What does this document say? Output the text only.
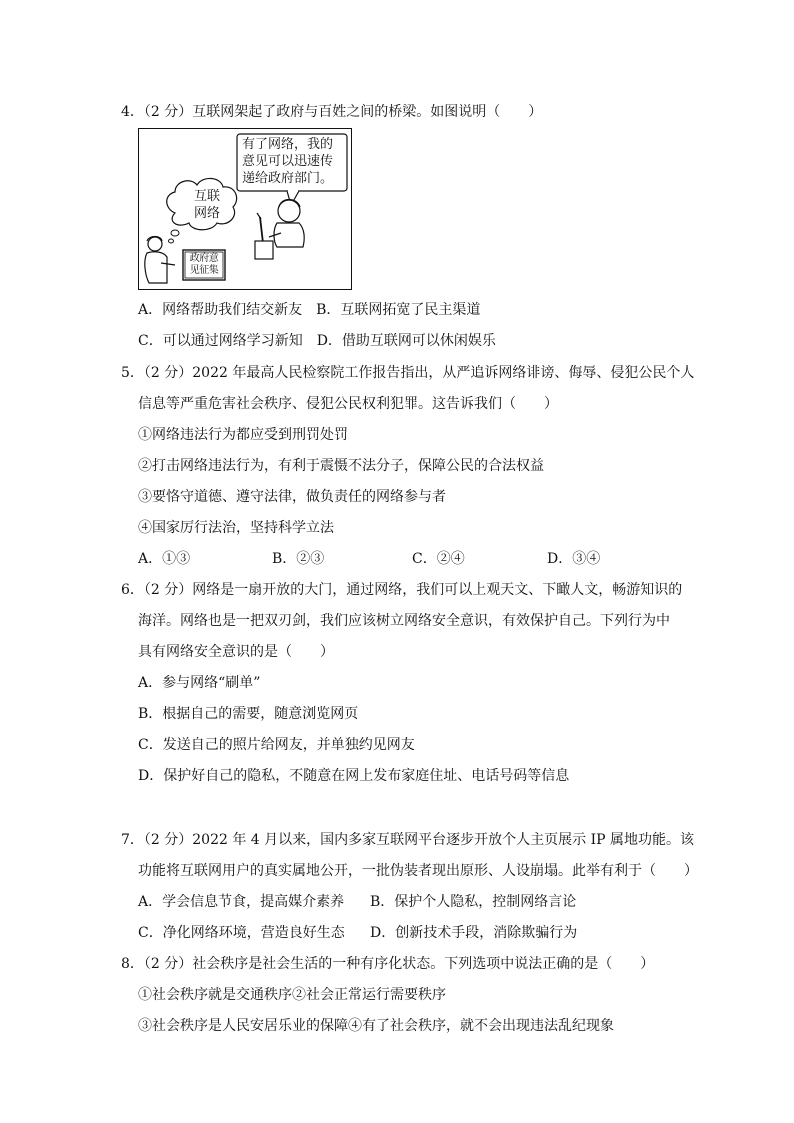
4．（2 分）互联网架起了政府与百姓之间的桥梁。如图说明（　　）
有了网络，我的
意见可以迅速传
递给政府部门。
互联
网络
政府意
见征集
A．网络帮助我们结交新友　B．互联网拓宽了民主渠道
C．可以通过网络学习新知　D．借助互联网可以休闲娱乐
5．（2 分）2022 年最高人民检察院工作报告指出，从严追诉网络诽谤、侮辱、侵犯公民个人
信息等严重危害社会秩序、侵犯公民权利犯罪。这告诉我们（　　）
①网络违法行为都应受到刑罚处罚
②打击网络违法行为，有利于震慑不法分子，保障公民的合法权益
③要恪守道德、遵守法律，做负责任的网络参与者
④国家厉行法治，坚持科学立法
A．①③	B．②③	C．②④	D．③④
6．（2 分）网络是一扇开放的大门，通过网络，我们可以上观天文、下瞰人文，畅游知识的
海洋。网络也是一把双刃剑，我们应该树立网络安全意识，有效保护自己。下列行为中
具有网络安全意识的是（　　）
A．参与网络“刷单”
B．根据自己的需要，随意浏览网页
C．发送自己的照片给网友，并单独约见网友
D．保护好自己的隐私，不随意在网上发布家庭住址、电话号码等信息
7．（2 分）2022 年 4 月以来，国内多家互联网平台逐步开放个人主页展示 IP 属地功能。该
功能将互联网用户的真实属地公开，一批伪装者现出原形、人设崩塌。此举有利于（　　）
A．学会信息节食，提高媒介素养 B．保护个人隐私，控制网络言论
C．净化网络环境，营造良好生态 D．创新技术手段，消除欺骗行为
8．（2 分）社会秩序是社会生活的一种有序化状态。下列选项中说法正确的是（　　）
①社会秩序就是交通秩序②社会正常运行需要秩序
③社会秩序是人民安居乐业的保障④有了社会秩序，就不会出现违法乱纪现象
